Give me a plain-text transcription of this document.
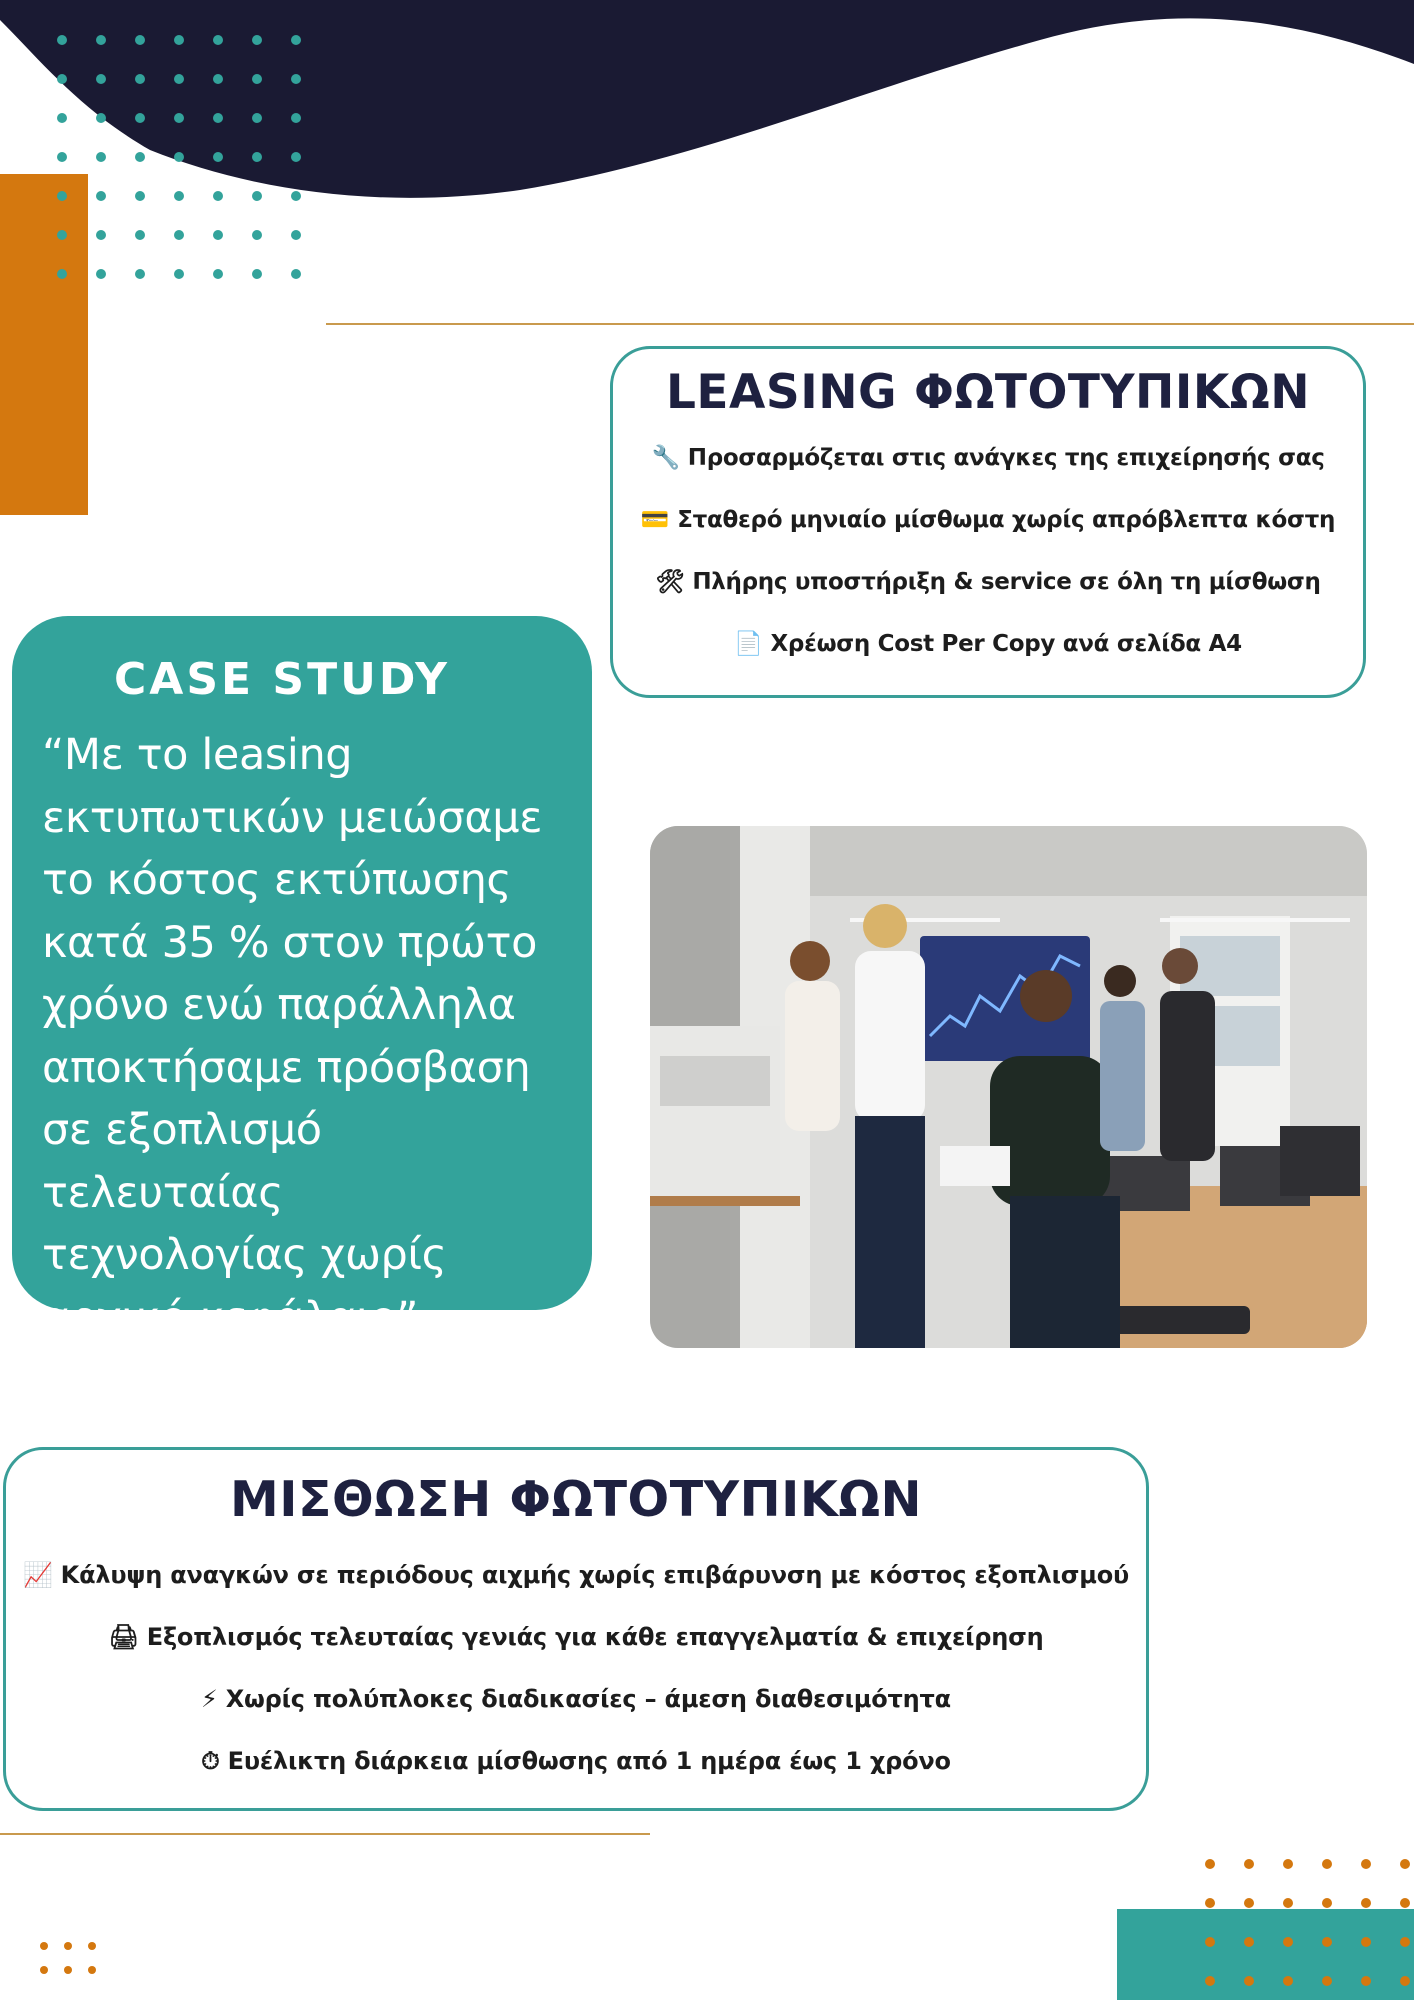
LEASING ΦΩΤΟΤΥΠΙΚΩΝ
🔧 Προσαρμόζεται στις ανάγκες της επιχείρησής σας
💳 Σταθερό μηνιαίο μίσθωμα χωρίς απρόβλεπτα κόστη
🛠 Πλήρης υποστήριξη & service σε όλη τη μίσθωση
📄 Χρέωση Cost Per Copy ανά σελίδα Α4
CASE STUDY
“Με το leasing
εκτυπωτικών μειώσαμε
το κόστος εκτύπωσης
κατά 35 % στον πρώτο
χρόνο ενώ παράλληλα
αποκτήσαμε πρόσβαση
σε εξοπλισμό τελευταίας
τεχνολογίας χωρίς
αρχικό κεφάλαιο”
ΜΙΣΘΩΣΗ ΦΩΤΟΤΥΠΙΚΩΝ
📈 Κάλυψη αναγκών σε περιόδους αιχμής χωρίς επιβάρυνση με κόστος εξοπλισμού
🖨 Εξοπλισμός τελευταίας γενιάς για κάθε επαγγελματία & επιχείρηση
⚡ Χωρίς πολύπλοκες διαδικασίες – άμεση διαθεσιμότητα
⏱ Ευέλικτη διάρκεια μίσθωσης από 1 ημέρα έως 1 χρόνο
